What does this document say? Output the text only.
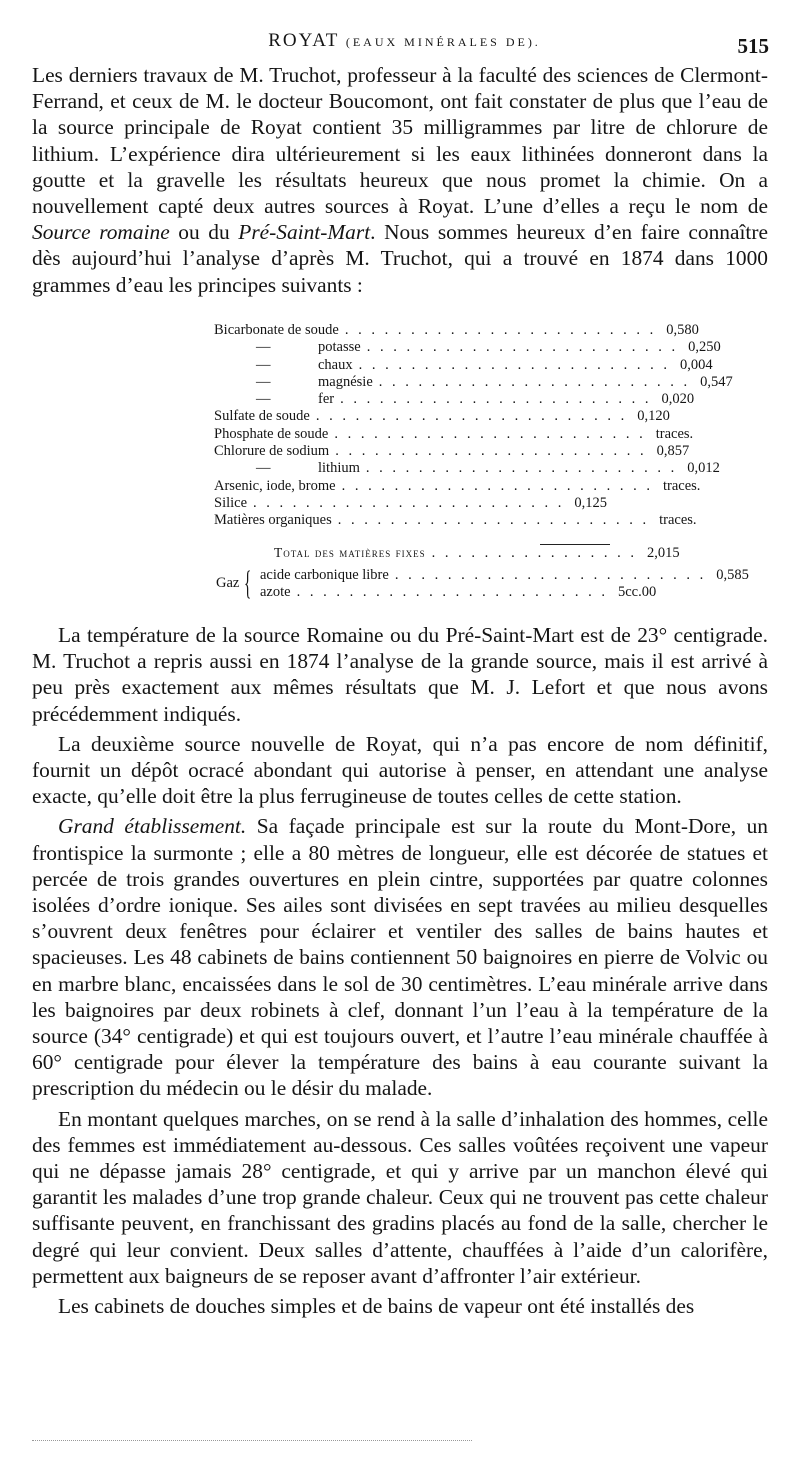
ROYAT (EAUX MINÉRALES DE).	515

Les derniers travaux de M. Truchot, professeur à la faculté des sciences de Clermont-Ferrand, et ceux de M. le docteur Boucomont, ont fait constater de plus que l’eau de la source principale de Royat contient 35 milligrammes par litre de chlorure de lithium. L’expérience dira ultérieurement si les eaux lithinées donneront dans la goutte et la gravelle les résultats heureux que nous promet la chimie. On a nouvellement capté deux autres sources à Royat. L’une d’elles a reçu le nom de Source romaine ou du Pré-Saint-Mart. Nous sommes heureux d’en faire connaître dès aujourd’hui l’analyse d’après M. Truchot, qui a trouvé en 1874 dans 1000 grammes d’eau les principes suivants :

Bicarbonate de soude . . . . . . . . . . . . . . . . . . . . . . . . 0,580
—	potasse . . . . . . . . . . . . . . . . . . . . . . . . 0,250
—	chaux . . . . . . . . . . . . . . . . . . . . . . . . 0,004
—	magnésie . . . . . . . . . . . . . . . . . . . . . . . . 0,547
—	fer . . . . . . . . . . . . . . . . . . . . . . . . 0,020
Sulfate de soude . . . . . . . . . . . . . . . . . . . . . . . . 0,120
Phosphate de soude . . . . . . . . . . . . . . . . . . . . . . . . traces.
Chlorure de sodium . . . . . . . . . . . . . . . . . . . . . . . . 0,857
—	lithium . . . . . . . . . . . . . . . . . . . . . . . . 0,012
Arsenic, iode, brome . . . . . . . . . . . . . . . . . . . . . . . . traces.
Silice . . . . . . . . . . . . . . . . . . . . . . . . 0,125
Matières organiques . . . . . . . . . . . . . . . . . . . . . . . . traces.
Total des matières fixes . . . . . . . . . . . . . . . . 2,015
Gaz { acide carbonique libre . . . . . . . . . . . . . . . . . . . . . . . . 0,585
azote . . . . . . . . . . . . . . . . . . . . . . . . 5cc.00

La température de la source Romaine ou du Pré-Saint-Mart est de 23° centigrade. M. Truchot a repris aussi en 1874 l’analyse de la grande source, mais il est arrivé à peu près exactement aux mêmes résultats que M. J. Lefort et que nous avons précédemment indiqués.

La deuxième source nouvelle de Royat, qui n’a pas encore de nom définitif, fournit un dépôt ocracé abondant qui autorise à penser, en attendant une analyse exacte, qu’elle doit être la plus ferrugineuse de toutes celles de cette station.

Grand établissement. Sa façade principale est sur la route du Mont-Dore, un frontispice la surmonte ; elle a 80 mètres de longueur, elle est décorée de statues et percée de trois grandes ouvertures en plein cintre, supportées par quatre colonnes isolées d’ordre ionique. Ses ailes sont divisées en sept travées au milieu desquelles s’ouvrent deux fenêtres pour éclairer et ventiler des salles de bains hautes et spacieuses. Les 48 cabinets de bains contiennent 50 baignoires en pierre de Volvic ou en marbre blanc, encaissées dans le sol de 30 centimètres. L’eau minérale arrive dans les baignoires par deux robinets à clef, donnant l’un l’eau à la température de la source (34° centigrade) et qui est toujours ouvert, et l’autre l’eau minérale chauffée à 60° centigrade pour élever la température des bains à eau courante suivant la prescription du médecin ou le désir du malade.

En montant quelques marches, on se rend à la salle d’inhalation des hommes, celle des femmes est immédiatement au-dessous. Ces salles voûtées reçoivent une vapeur qui ne dépasse jamais 28° centigrade, et qui y arrive par un manchon élevé qui garantit les malades d’une trop grande chaleur. Ceux qui ne trouvent pas cette chaleur suffisante peuvent, en franchissant des gradins placés au fond de la salle, chercher le degré qui leur convient. Deux salles d’attente, chauffées à l’aide d’un calorifère, permettent aux baigneurs de se reposer avant d’affronter l’air extérieur.

Les cabinets de douches simples et de bains de vapeur ont été installés des
